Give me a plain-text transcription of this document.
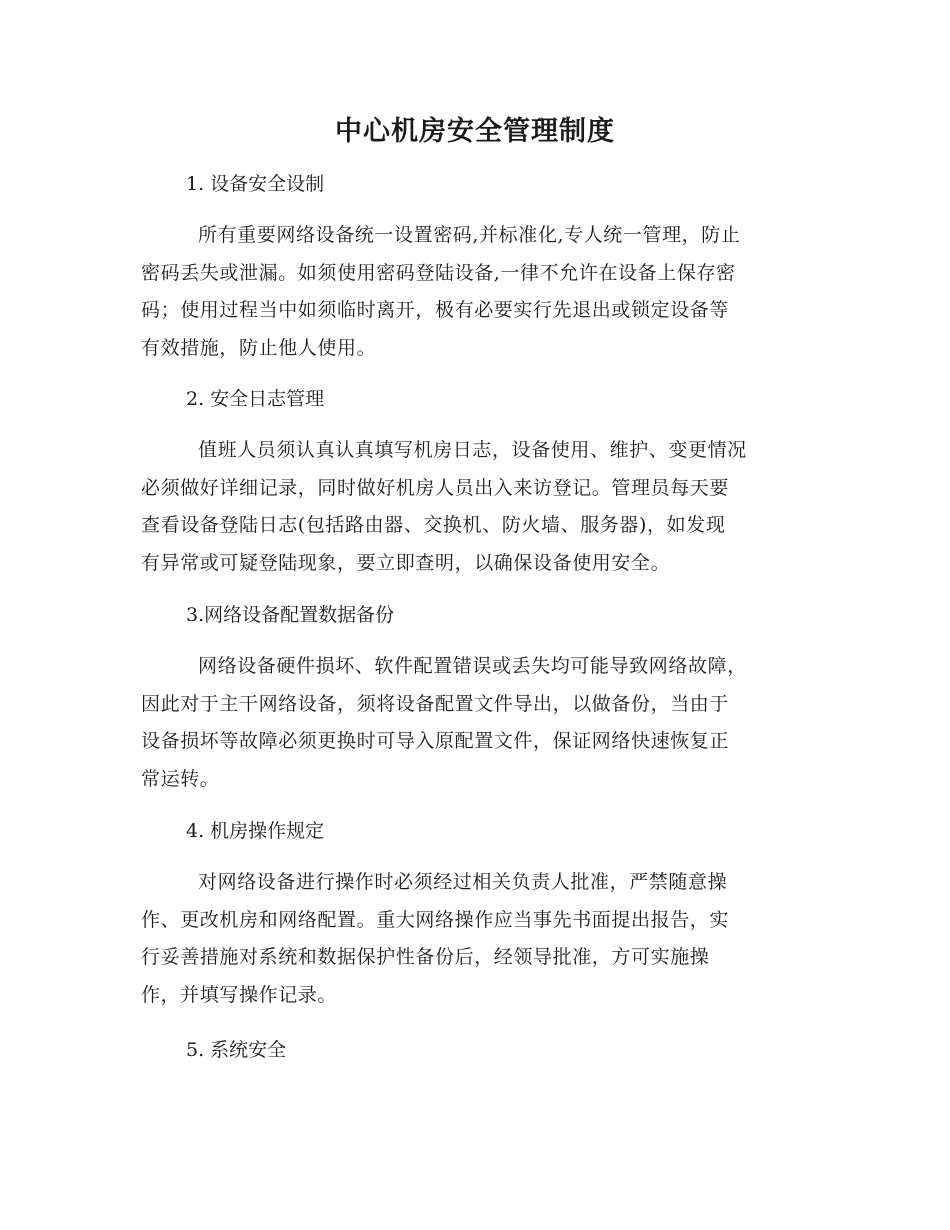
中心机房安全管理制度

1. 设备安全设制

所有重要网络设备统一设置密码,并标准化,专人统一管理，防止
密码丢失或泄漏。如须使用密码登陆设备,一律不允许在设备上保存密
码；使用过程当中如须临时离开，极有必要实行先退出或锁定设备等
有效措施，防止他人使用。

2. 安全日志管理

值班人员须认真认真填写机房日志，设备使用、维护、变更情况
必须做好详细记录，同时做好机房人员出入来访登记。管理员每天要
查看设备登陆日志(包括路由器、交换机、防火墙、服务器)，如发现
有异常或可疑登陆现象，要立即查明，以确保设备使用安全。

3.网络设备配置数据备份

网络设备硬件损坏、软件配置错误或丢失均可能导致网络故障，
因此对于主干网络设备，须将设备配置文件导出，以做备份，当由于
设备损坏等故障必须更换时可导入原配置文件，保证网络快速恢复正
常运转。

4. 机房操作规定

对网络设备进行操作时必须经过相关负责人批准，严禁随意操
作、更改机房和网络配置。重大网络操作应当事先书面提出报告，实
行妥善措施对系统和数据保护性备份后，经领导批准，方可实施操
作，并填写操作记录。

5. 系统安全
